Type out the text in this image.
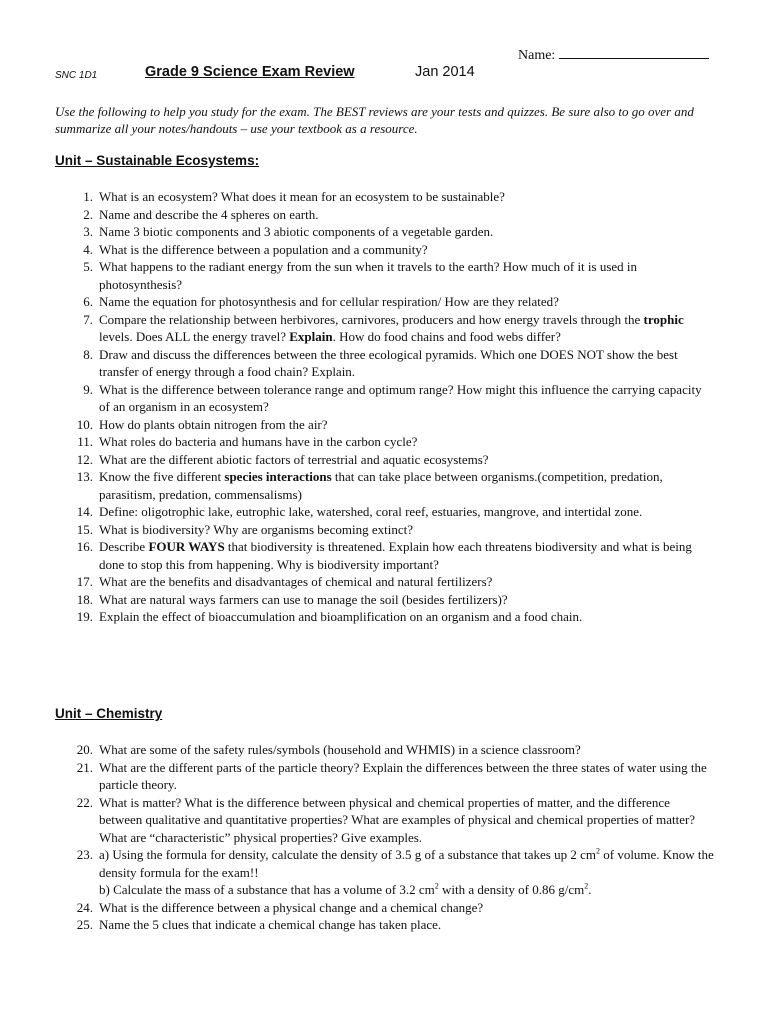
Name:
SNC 1D1	Grade 9 Science Exam Review	Jan 2014
Use the following to help you study for the exam. The BEST reviews are your tests and quizzes. Be sure also to go over and summarize all your notes/handouts – use your textbook as a resource.
Unit – Sustainable Ecosystems:
1. What is an ecosystem? What does it mean for an ecosystem to be sustainable?
2. Name and describe the 4 spheres on earth.
3. Name 3 biotic components and 3 abiotic components of a vegetable garden.
4. What is the difference between a population and a community?
5. What happens to the radiant energy from the sun when it travels to the earth? How much of it is used in photosynthesis?
6. Name the equation for photosynthesis and for cellular respiration/ How are they related?
7. Compare the relationship between herbivores, carnivores, producers and how energy travels through the trophic levels. Does ALL the energy travel? Explain. How do food chains and food webs differ?
8. Draw and discuss the differences between the three ecological pyramids. Which one DOES NOT show the best transfer of energy through a food chain? Explain.
9. What is the difference between tolerance range and optimum range? How might this influence the carrying capacity of an organism in an ecosystem?
10. How do plants obtain nitrogen from the air?
11. What roles do bacteria and humans have in the carbon cycle?
12. What are the different abiotic factors of terrestrial and aquatic ecosystems?
13. Know the five different species interactions that can take place between organisms.(competition, predation, parasitism, predation, commensalisms)
14. Define: oligotrophic lake, eutrophic lake, watershed, coral reef, estuaries, mangrove, and intertidal zone.
15. What is biodiversity? Why are organisms becoming extinct?
16. Describe FOUR WAYS that biodiversity is threatened. Explain how each threatens biodiversity and what is being done to stop this from happening. Why is biodiversity important?
17. What are the benefits and disadvantages of chemical and natural fertilizers?
18. What are natural ways farmers can use to manage the soil (besides fertilizers)?
19. Explain the effect of bioaccumulation and bioamplification on an organism and a food chain.
Unit – Chemistry
20. What are some of the safety rules/symbols (household and WHMIS) in a science classroom?
21. What are the different parts of the particle theory? Explain the differences between the three states of water using the particle theory.
22. What is matter? What is the difference between physical and chemical properties of matter, and the difference between qualitative and quantitative properties? What are examples of physical and chemical properties of matter? What are “characteristic” physical properties? Give examples.
23. a) Using the formula for density, calculate the density of 3.5 g of a substance that takes up 2 $cm^2$ of volume. Know the density formula for the exam!!
b) Calculate the mass of a substance that has a volume of 3.2 $cm^2$ with a density of 0.86 $g/cm^2$.
24. What is the difference between a physical change and a chemical change?
25. Name the 5 clues that indicate a chemical change has taken place.
